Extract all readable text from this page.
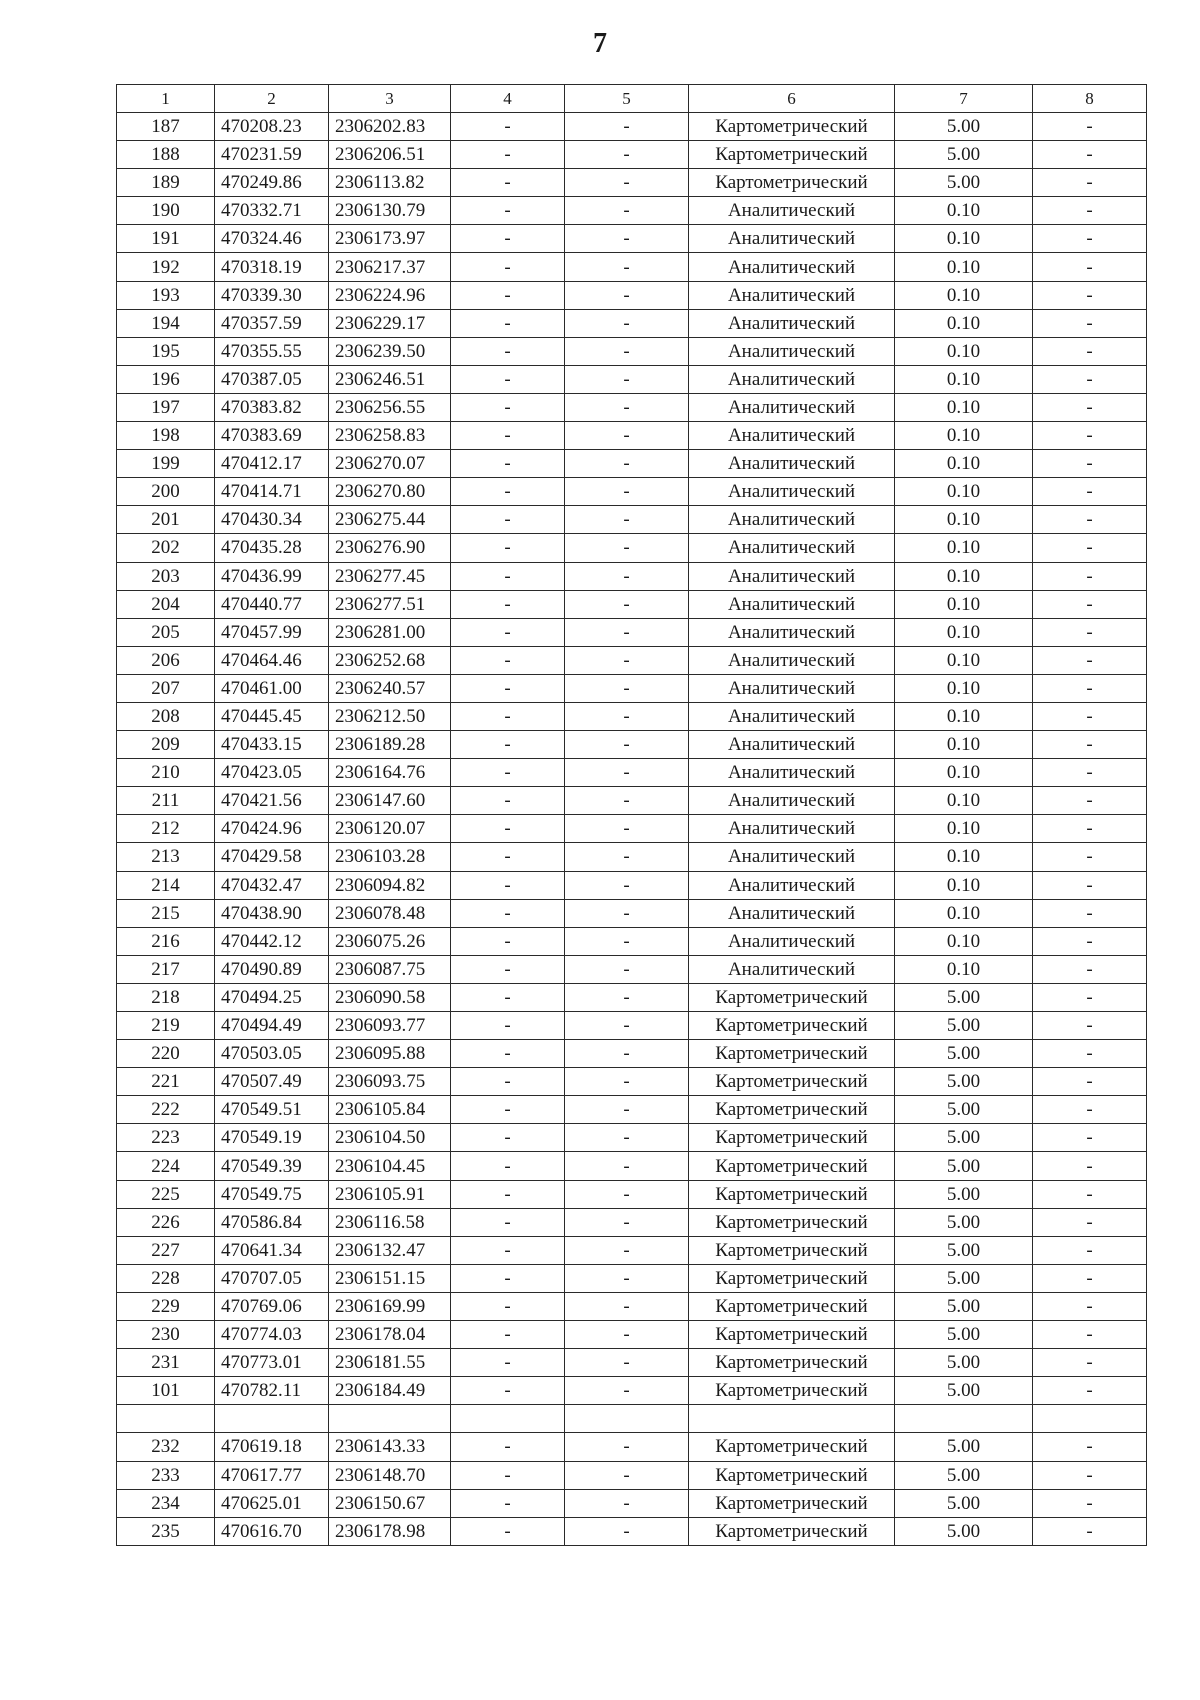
7
1	2	3	4	5	6	7	8
187	470208.23	2306202.83	-	-	Картометрический	5.00	-
188	470231.59	2306206.51	-	-	Картометрический	5.00	-
189	470249.86	2306113.82	-	-	Картометрический	5.00	-
190	470332.71	2306130.79	-	-	Аналитический	0.10	-
191	470324.46	2306173.97	-	-	Аналитический	0.10	-
192	470318.19	2306217.37	-	-	Аналитический	0.10	-
193	470339.30	2306224.96	-	-	Аналитический	0.10	-
194	470357.59	2306229.17	-	-	Аналитический	0.10	-
195	470355.55	2306239.50	-	-	Аналитический	0.10	-
196	470387.05	2306246.51	-	-	Аналитический	0.10	-
197	470383.82	2306256.55	-	-	Аналитический	0.10	-
198	470383.69	2306258.83	-	-	Аналитический	0.10	-
199	470412.17	2306270.07	-	-	Аналитический	0.10	-
200	470414.71	2306270.80	-	-	Аналитический	0.10	-
201	470430.34	2306275.44	-	-	Аналитический	0.10	-
202	470435.28	2306276.90	-	-	Аналитический	0.10	-
203	470436.99	2306277.45	-	-	Аналитический	0.10	-
204	470440.77	2306277.51	-	-	Аналитический	0.10	-
205	470457.99	2306281.00	-	-	Аналитический	0.10	-
206	470464.46	2306252.68	-	-	Аналитический	0.10	-
207	470461.00	2306240.57	-	-	Аналитический	0.10	-
208	470445.45	2306212.50	-	-	Аналитический	0.10	-
209	470433.15	2306189.28	-	-	Аналитический	0.10	-
210	470423.05	2306164.76	-	-	Аналитический	0.10	-
211	470421.56	2306147.60	-	-	Аналитический	0.10	-
212	470424.96	2306120.07	-	-	Аналитический	0.10	-
213	470429.58	2306103.28	-	-	Аналитический	0.10	-
214	470432.47	2306094.82	-	-	Аналитический	0.10	-
215	470438.90	2306078.48	-	-	Аналитический	0.10	-
216	470442.12	2306075.26	-	-	Аналитический	0.10	-
217	470490.89	2306087.75	-	-	Аналитический	0.10	-
218	470494.25	2306090.58	-	-	Картометрический	5.00	-
219	470494.49	2306093.77	-	-	Картометрический	5.00	-
220	470503.05	2306095.88	-	-	Картометрический	5.00	-
221	470507.49	2306093.75	-	-	Картометрический	5.00	-
222	470549.51	2306105.84	-	-	Картометрический	5.00	-
223	470549.19	2306104.50	-	-	Картометрический	5.00	-
224	470549.39	2306104.45	-	-	Картометрический	5.00	-
225	470549.75	2306105.91	-	-	Картометрический	5.00	-
226	470586.84	2306116.58	-	-	Картометрический	5.00	-
227	470641.34	2306132.47	-	-	Картометрический	5.00	-
228	470707.05	2306151.15	-	-	Картометрический	5.00	-
229	470769.06	2306169.99	-	-	Картометрический	5.00	-
230	470774.03	2306178.04	-	-	Картометрический	5.00	-
231	470773.01	2306181.55	-	-	Картометрический	5.00	-
101	470782.11	2306184.49	-	-	Картометрический	5.00	-

232	470619.18	2306143.33	-	-	Картометрический	5.00	-
233	470617.77	2306148.70	-	-	Картометрический	5.00	-
234	470625.01	2306150.67	-	-	Картометрический	5.00	-
235	470616.70	2306178.98	-	-	Картометрический	5.00	-
